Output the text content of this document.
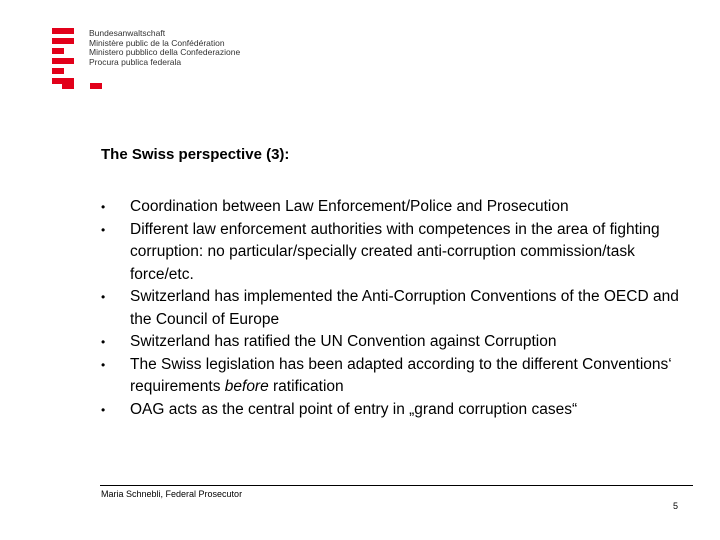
Bundesanwaltschaft
Ministère public de la Confédération
Ministero pubblico della Confederazione
Procura publica federala
The Swiss perspective (3):
• Coordination between Law Enforcement/Police and Prosecution
• Different law enforcement authorities with competences in the area of fighting corruption: no particular/specially created anti-corruption commission/task force/etc.
• Switzerland has implemented the Anti-Corruption Conventions of the OECD and the Council of Europe
• Switzerland has ratified the UN Convention against Corruption
• The Swiss legislation has been adapted according to the different Conventions‘ requirements before ratification
• OAG acts as the central point of entry in „grand corruption cases“
Maria Schnebli, Federal Prosecutor
5
